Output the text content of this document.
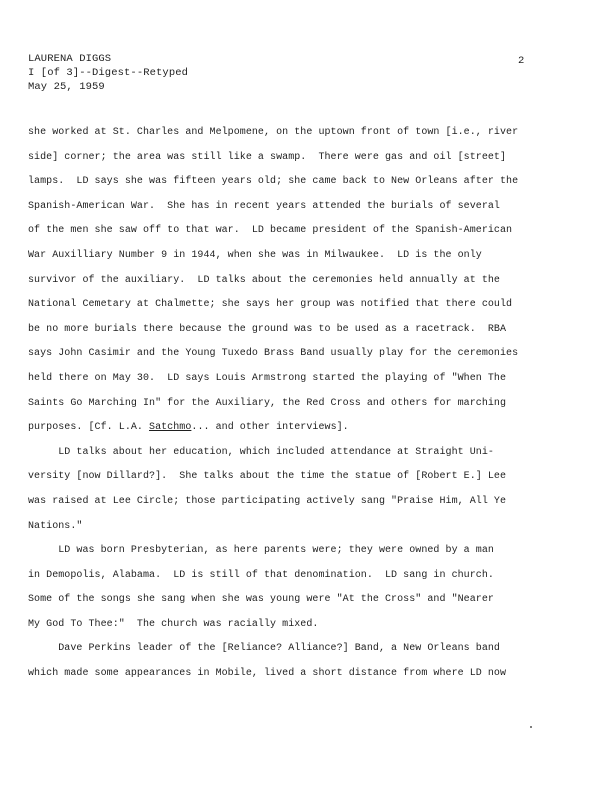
LAURENA DIGGS
I [of 3]--Digest--Retyped
May 25, 1959
2
she worked at St. Charles and Melpomene, on the uptown front of town [i.e., river
side] corner; the area was still like a swamp.  There were gas and oil [street]
lamps.  LD says she was fifteen years old; she came back to New Orleans after the
Spanish-American War.  She has in recent years attended the burials of several
of the men she saw off to that war.  LD became president of the Spanish-American
War Auxilliary Number 9 in 1944, when she was in Milwaukee.  LD is the only
survivor of the auxiliary.  LD talks about the ceremonies held annually at the
National Cemetary at Chalmette; she says her group was notified that there could
be no more burials there because the ground was to be used as a racetrack.  RBA
says John Casimir and the Young Tuxedo Brass Band usually play for the ceremonies
held there on May 30.  LD says Louis Armstrong started the playing of "When The
Saints Go Marching In" for the Auxiliary, the Red Cross and others for marching
purposes. [Cf. L.A. Satchmo... and other interviews].
LD talks about her education, which included attendance at Straight Uni-
versity [now Dillard?].  She talks about the time the statue of [Robert E.] Lee
was raised at Lee Circle; those participating actively sang "Praise Him, All Ye
Nations."
LD was born Presbyterian, as here parents were; they were owned by a man
in Demopolis, Alabama.  LD is still of that denomination.  LD sang in church.
Some of the songs she sang when she was young were "At the Cross" and "Nearer
My God To Thee:"  The church was racially mixed.
Dave Perkins leader of the [Reliance? Alliance?] Band, a New Orleans band
which made some appearances in Mobile, lived a short distance from where LD now
